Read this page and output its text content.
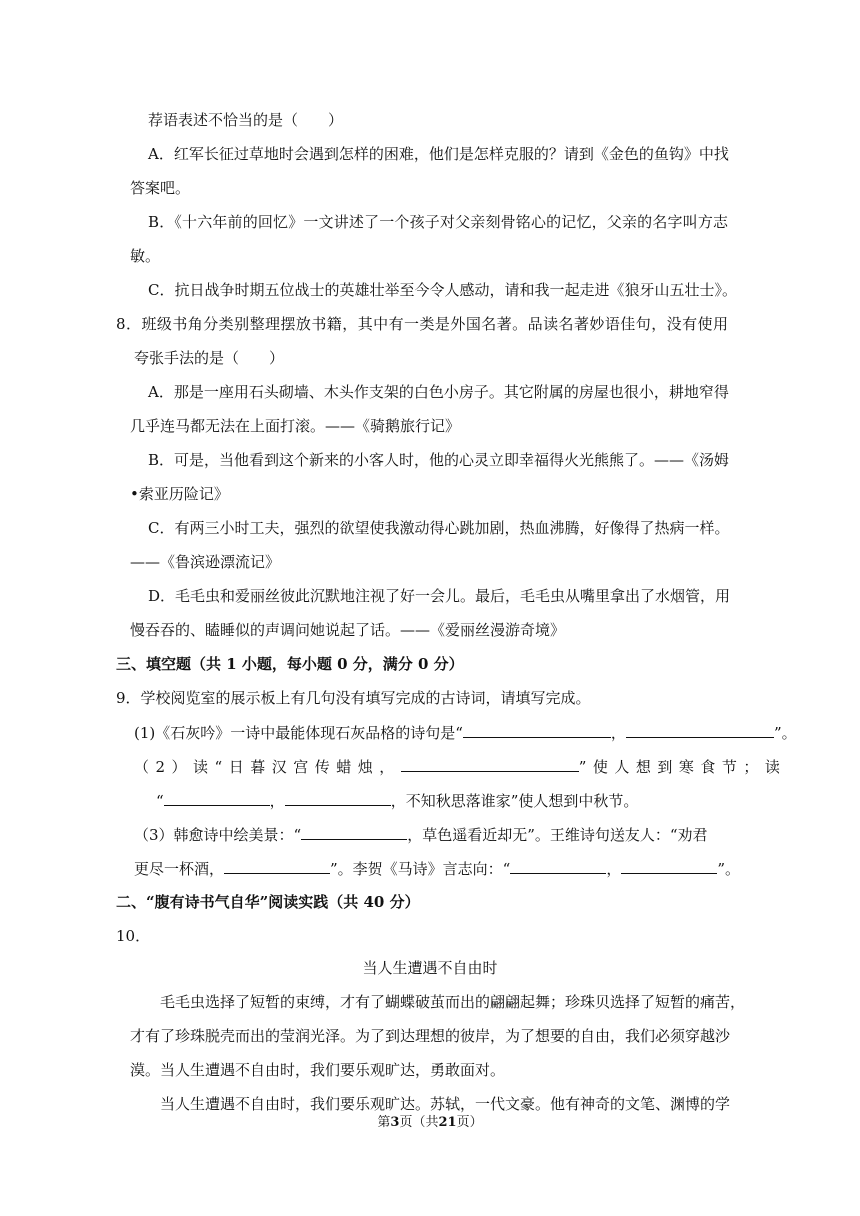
荐语表述不恰当的是（　　）
A．红军长征过草地时会遇到怎样的困难，他们是怎样克服的？请到《金色的鱼钩》中找
答案吧。
B．《十六年前的回忆》一文讲述了一个孩子对父亲刻骨铭心的记忆，父亲的名字叫方志
敏。
C．抗日战争时期五位战士的英雄壮举至今令人感动，请和我一起走进《狼牙山五壮士》。
8．班级书角分类别整理摆放书籍，其中有一类是外国名著。品读名著妙语佳句，没有使用
夸张手法的是（　　）
A．那是一座用石头砌墙、木头作支架的白色小房子。其它附属的房屋也很小，耕地窄得
几乎连马都无法在上面打滚。——《骑鹅旅行记》
B．可是，当他看到这个新来的小客人时，他的心灵立即幸福得火光熊熊了。——《汤姆
•索亚历险记》
C．有两三小时工夫，强烈的欲望使我激动得心跳加剧，热血沸腾，好像得了热病一样。
——《鲁滨逊漂流记》
D．毛毛虫和爱丽丝彼此沉默地注视了好一会儿。最后，毛毛虫从嘴里拿出了水烟管，用
慢吞吞的、瞌睡似的声调问她说起了话。——《爱丽丝漫游奇境》
三、填空题（共 1 小题，每小题 0 分，满分 0 分）
9．学校阅览室的展示板上有几句没有填写完成的古诗词，请填写完成。
(1)《石灰吟》一诗中最能体现石灰品格的诗句是“	，	”。
（2）读“日暮汉宫传蜡烛，	”使人想到寒食节；读
“	，	，不知秋思落谁家”使人想到中秋节。
（3）韩愈诗中绘美景：“	，草色遥看近却无”。王维诗句送友人：“劝君
更尽一杯酒，	”。李贺《马诗》言志向：“	，	”。
二、“腹有诗书气自华”阅读实践（共 40 分）
10．
当人生遭遇不自由时
毛毛虫选择了短暂的束缚，才有了蝴蝶破茧而出的翩翩起舞；珍珠贝选择了短暂的痛苦，
才有了珍珠脱壳而出的莹润光泽。为了到达理想的彼岸，为了想要的自由，我们必须穿越沙
漠。当人生遭遇不自由时，我们要乐观旷达，勇敢面对。
当人生遭遇不自由时，我们要乐观旷达。苏轼，一代文豪。他有神奇的文笔、渊博的学
第3页（共21页）
